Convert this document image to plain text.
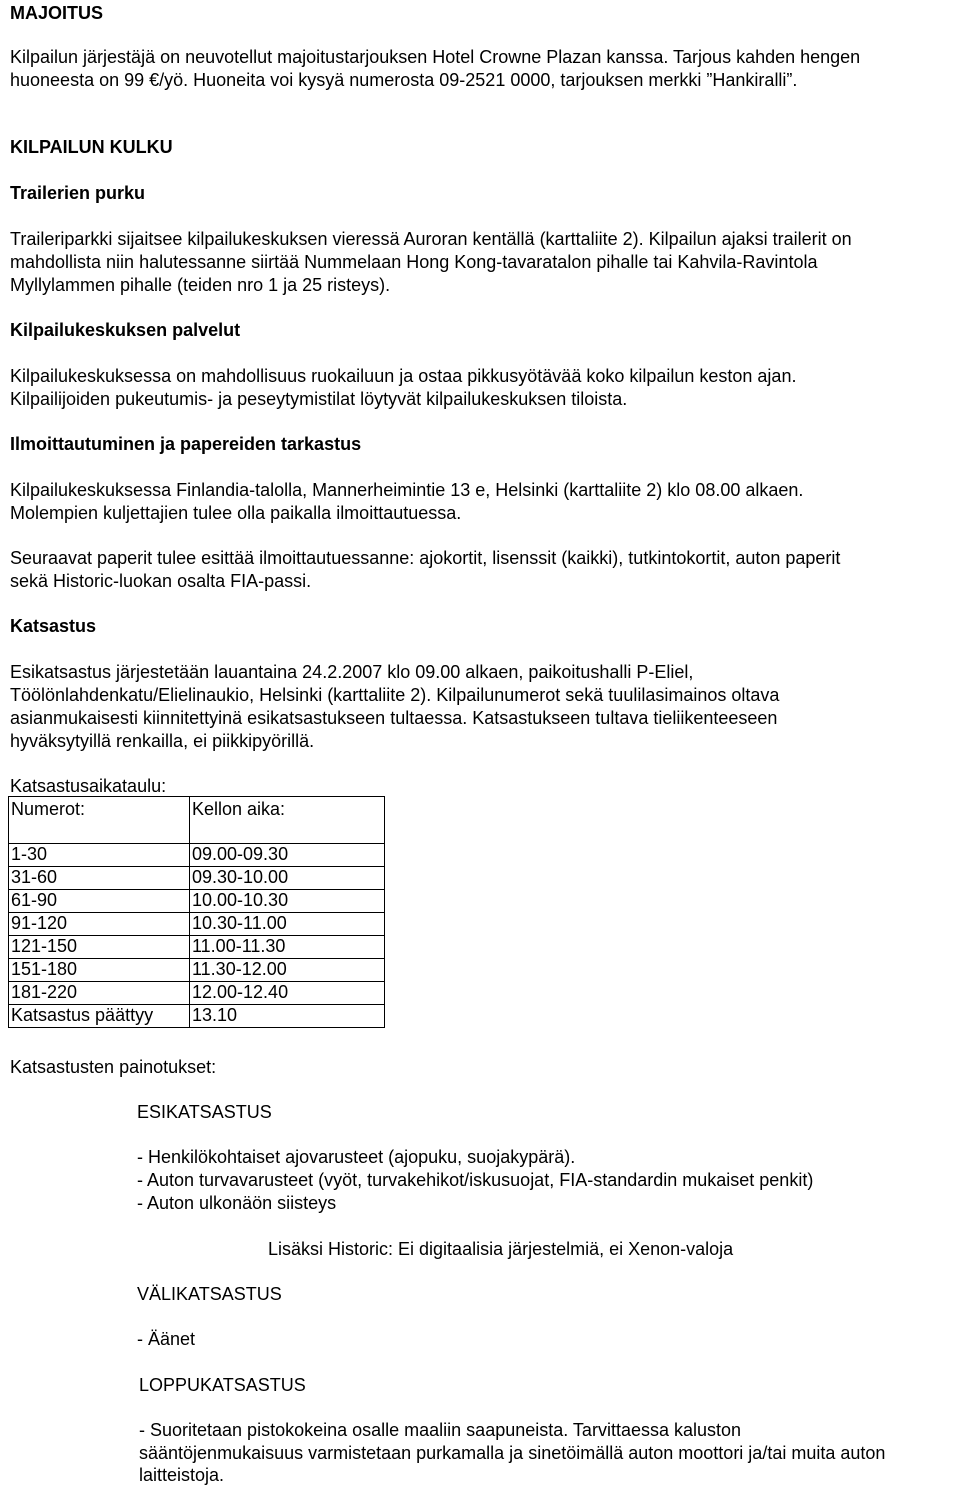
MAJOITUS
Kilpailun järjestäjä on neuvotellut majoitustarjouksen Hotel Crowne Plazan kanssa. Tarjous kahden hengen
huoneesta on 99 €/yö. Huoneita voi kysyä numerosta 09-2521 0000, tarjouksen merkki ”Hankiralli”.
KILPAILUN KULKU
Trailerien purku
Traileriparkki sijaitsee kilpailukeskuksen vieressä Auroran kentällä (karttaliite 2). Kilpailun ajaksi trailerit on
mahdollista niin halutessanne siirtää Nummelaan Hong Kong-tavaratalon pihalle tai Kahvila-Ravintola
Myllylammen pihalle (teiden nro 1 ja 25 risteys).
Kilpailukeskuksen palvelut
Kilpailukeskuksessa on mahdollisuus ruokailuun ja ostaa pikkusyötävää koko kilpailun keston ajan.
Kilpailijoiden pukeutumis- ja peseytymistilat löytyvät kilpailukeskuksen tiloista.
Ilmoittautuminen ja papereiden tarkastus
Kilpailukeskuksessa Finlandia-talolla, Mannerheimintie 13 e, Helsinki (karttaliite 2) klo 08.00 alkaen.
Molempien kuljettajien tulee olla paikalla ilmoittautuessa.
Seuraavat paperit tulee esittää ilmoittautuessanne: ajokortit, lisenssit (kaikki), tutkintokortit, auton paperit
sekä Historic-luokan osalta FIA-passi.
Katsastus
Esikatsastus järjestetään lauantaina 24.2.2007 klo 09.00 alkaen, paikoitushalli P-Eliel,
Töölönlahdenkatu/Elielinaukio, Helsinki (karttaliite 2). Kilpailunumerot sekä tuulilasimainos oltava
asianmukaisesti kiinnitettyinä esikatsastukseen tultaessa. Katsastukseen tultava tieliikenteeseen
hyväksytyillä renkailla, ei piikkipyörillä.
Katsastusaikataulu:
Numerot:	Kellon aika:
1-30	09.00-09.30
31-60	09.30-10.00
61-90	10.00-10.30
91-120	10.30-11.00
121-150	11.00-11.30
151-180	11.30-12.00
181-220	12.00-12.40
Katsastus päättyy	13.10
Katsastusten painotukset:
ESIKATSASTUS
- Henkilökohtaiset ajovarusteet (ajopuku, suojakypärä).
- Auton turvavarusteet (vyöt, turvakehikot/iskusuojat, FIA-standardin mukaiset penkit)
- Auton ulkonäön siisteys
Lisäksi Historic: Ei digitaalisia järjestelmiä, ei Xenon-valoja
VÄLIKATSASTUS
- Äänet
LOPPUKATSASTUS
- Suoritetaan pistokokeina osalle maaliin saapuneista. Tarvittaessa kaluston
sääntöjenmukaisuus varmistetaan purkamalla ja sinetöimällä auton moottori ja/tai muita auton
laitteistoja.
